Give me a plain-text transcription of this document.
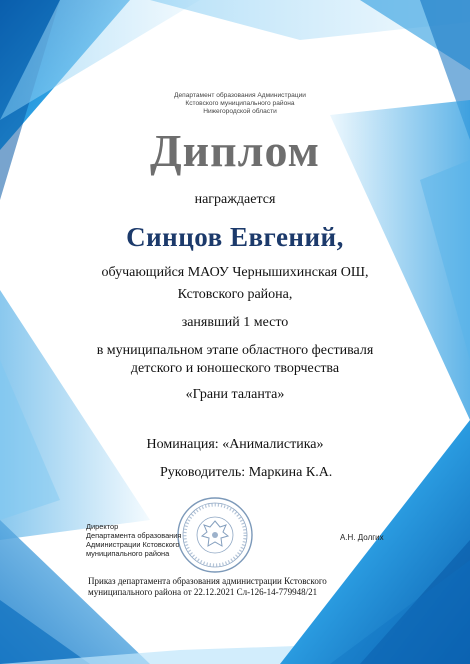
Департамент образования Администрации
Кстовского муниципального района
Нижегородской области
Диплом
награждается
Синцов Евгений,
обучающийся МАОУ Чернышихинская ОШ,
Кстовского района,
занявший 1 место
в муниципальном этапе областного фестиваля
детского и юношеского творчества
«Грани таланта»
Номинация: «Анималистика»
Руководитель: Маркина К.А.
Директор
Департамента образования
Администрации Кстовского
муниципального района
А.Н. Долгих
Приказ департамента образования администрации Кстовского
муниципального района от 22.12.2021 Сл-126-14-779948/21
